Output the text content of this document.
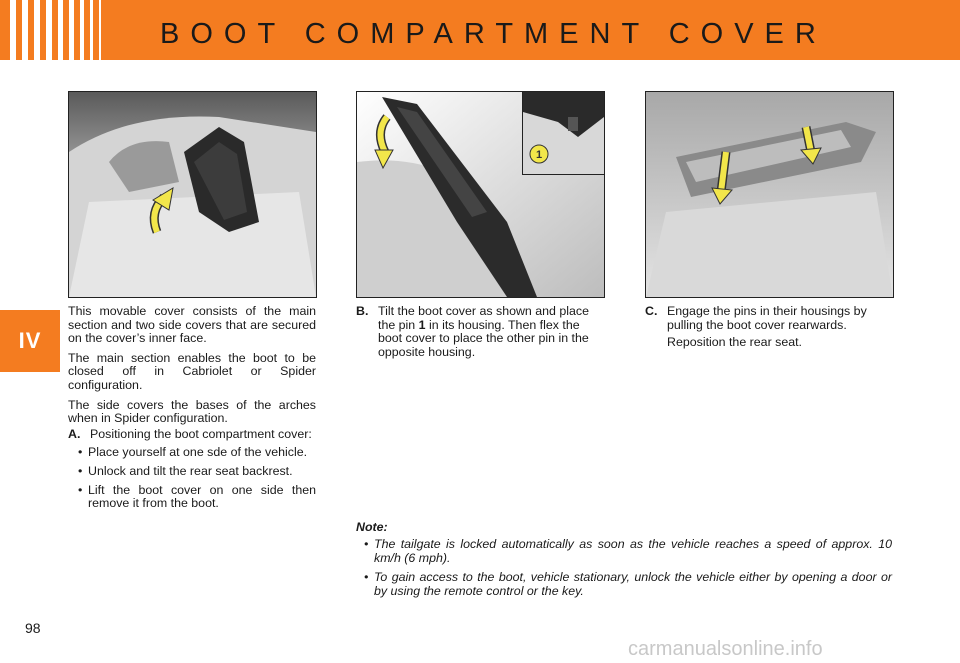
BOOT COMPARTMENT COVER
IV
1

This movable cover consists of the main section and two side covers that are secured on the cover’s inner face.

The main section enables the boot to be closed off in Cabriolet or Spider configuration.

The side covers the bases of the arches when in Spider configuration.

A. Positioning the boot compartment cover:
• Place yourself at one sde of the vehicle.
• Unlock and tilt the rear seat backrest.
• Lift the boot cover on one side then remove it from the boot.
B. Tilt the boot cover as shown and place the pin 1 in its housing. Then flex the boot cover to place the other pin in the opposite housing.
C. Engage the pins in their housings by pulling the boot cover rearwards.
Reposition the rear seat.
Note:
• The tailgate is locked automatically as soon as the vehicle reaches a speed of approx. 10 km/h (6 mph).
• To gain access to the boot, vehicle stationary, unlock the vehicle either by opening a door or by using the remote control or the key.
98
carmanualsonline.info
